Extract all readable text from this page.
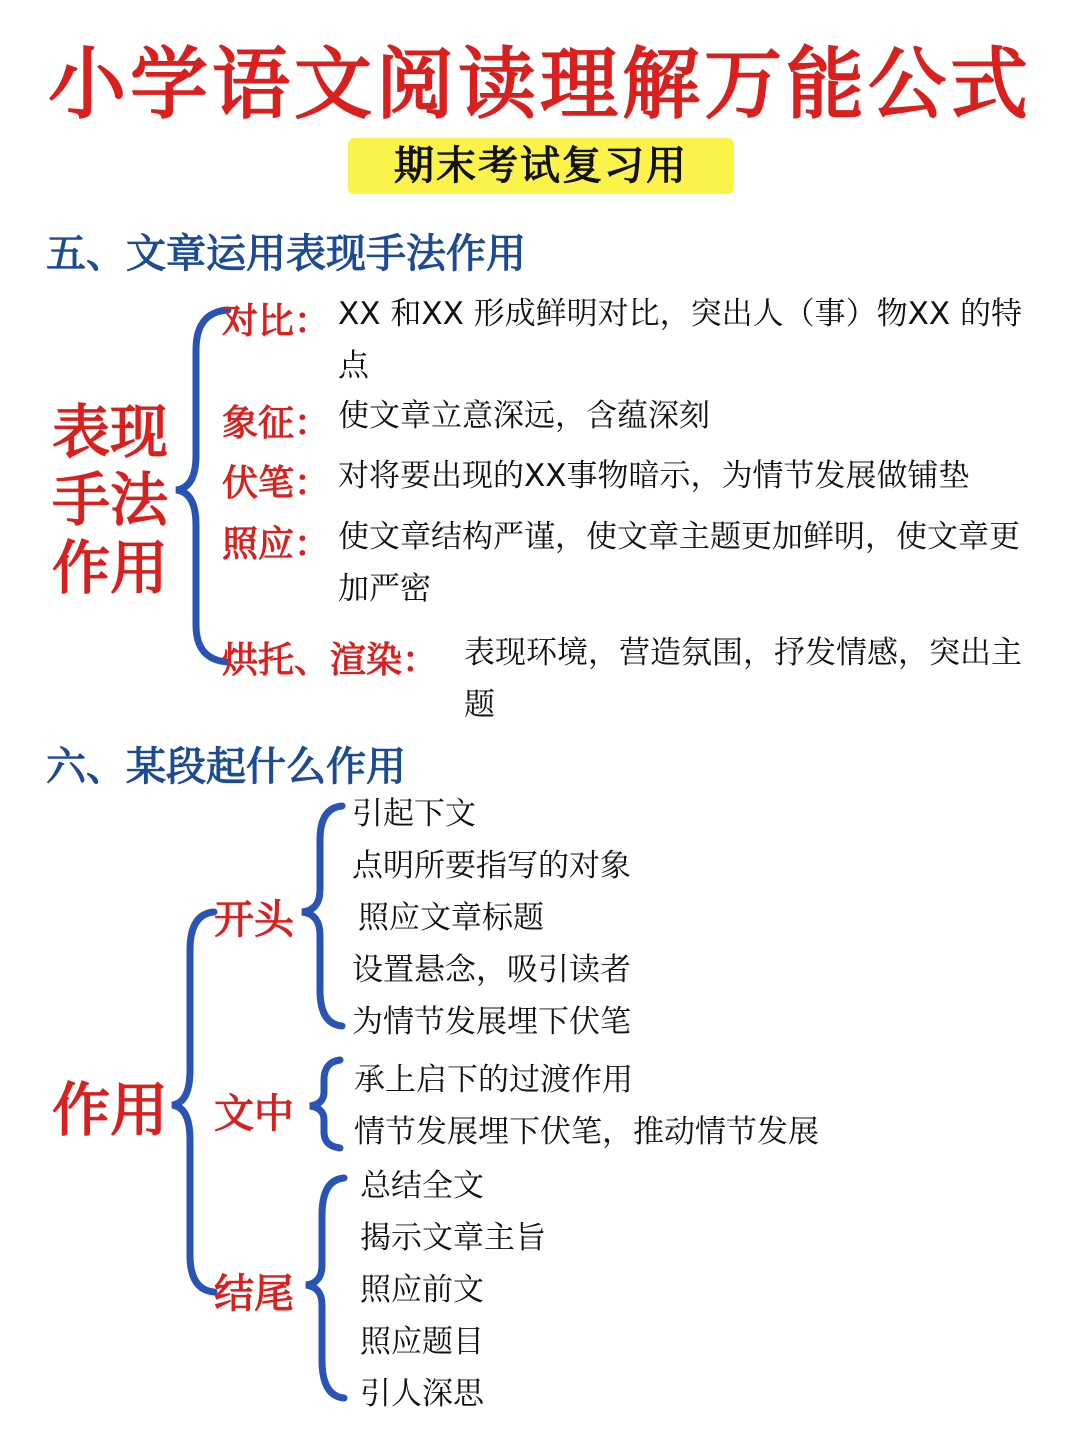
小学语文阅读理解万能公式
期末考试复习用
五、文章运用表现手法作用
表现手法作用
对比： XX 和XX 形成鲜明对比，突出人（事）物XX 的特点
象征： 使文章立意深远，含蕴深刻
伏笔： 对将要出现的XX事物暗示，为情节发展做铺垫
照应： 使文章结构严谨，使文章主题更加鲜明，使文章更加严密
烘托、渲染： 表现环境，营造氛围，抒发情感，突出主题
六、某段起什么作用
作用
开头
引起下文
点明所要指写的对象
照应文章标题
设置悬念，吸引读者
为情节发展埋下伏笔
文中
承上启下的过渡作用
情节发展埋下伏笔，推动情节发展
结尾
总结全文
揭示文章主旨
照应前文
照应题目
引人深思
